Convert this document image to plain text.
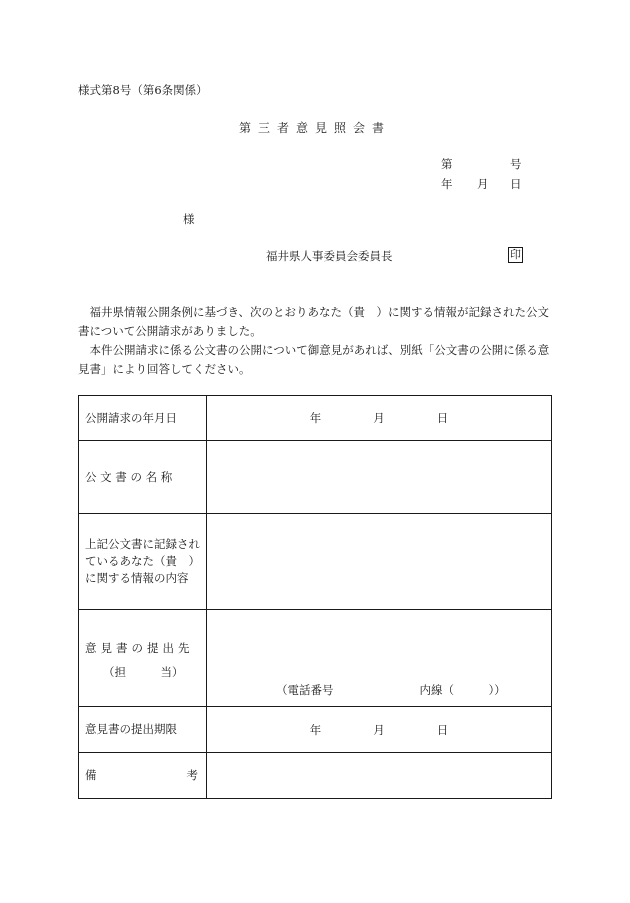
様式第8号（第6条関係）
第三者意見照会書
第	号
年 月 日
様
福井県人事委員会委員長	印

福井県情報公開条例に基づき、次のとおりあなた（貴　）に関する情報が記録された公文書について公開請求がありました。

本件公開請求に係る公文書の公開について御意見があれば、別紙「公文書の公開に係る意見書」により回答してください。

公開請求の年月日	年 月 日
公 文 書 の 名 称	
上記公文書に記録されているあなた（貴　）に関する情報の内容	

意見書の提出先
（担　　　当）	（電話番号 内線（　　　））

意見書の提出期限	年 月 日

備 考	
